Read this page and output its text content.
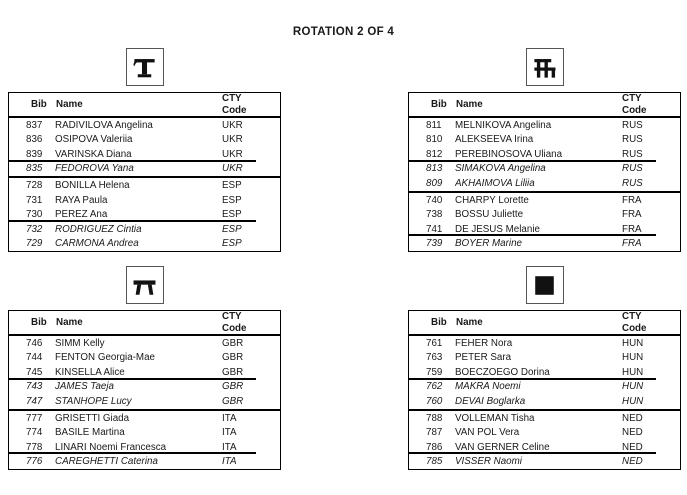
ROTATION 2 OF 4
Bib Name
CTY
Code
837	RADIVILOVA Angelina	UKR
836	OSIPOVA Valeriia	UKR
839	VARINSKA Diana	UKR
835	FEDOROVA Yana	UKR
728	BONILLA Helena	ESP
731	RAYA Paula	ESP
730	PEREZ Ana	ESP
732	RODRIGUEZ Cintia	ESP
729	CARMONA Andrea	ESP
Bib Name
CTY
Code
811	MELNIKOVA Angelina	RUS
810	ALEKSEEVA Irina	RUS
812	PEREBINOSOVA Uliana	RUS
813	SIMAKOVA Angelina	RUS
809	AKHAIMOVA Liliia	RUS
740	CHARPY Lorette	FRA
738	BOSSU Juliette	FRA
741	DE JESUS Melanie	FRA
739	BOYER Marine	FRA
Bib Name
CTY
Code
746	SIMM Kelly	GBR
744	FENTON Georgia-Mae	GBR
745	KINSELLA Alice	GBR
743	JAMES Taeja	GBR
747	STANHOPE Lucy	GBR
777	GRISETTI Giada	ITA
774	BASILE Martina	ITA
778	LINARI Noemi Francesca	ITA
776	CAREGHETTI Caterina	ITA
Bib Name
CTY
Code
761	FEHER Nora	HUN
763	PETER Sara	HUN
759	BOECZOEGO Dorina	HUN
762	MAKRA Noemi	HUN
760	DEVAI Boglarka	HUN
788	VOLLEMAN Tisha	NED
787	VAN POL Vera	NED
786	VAN GERNER Celine	NED
785	VISSER Naomi	NED
